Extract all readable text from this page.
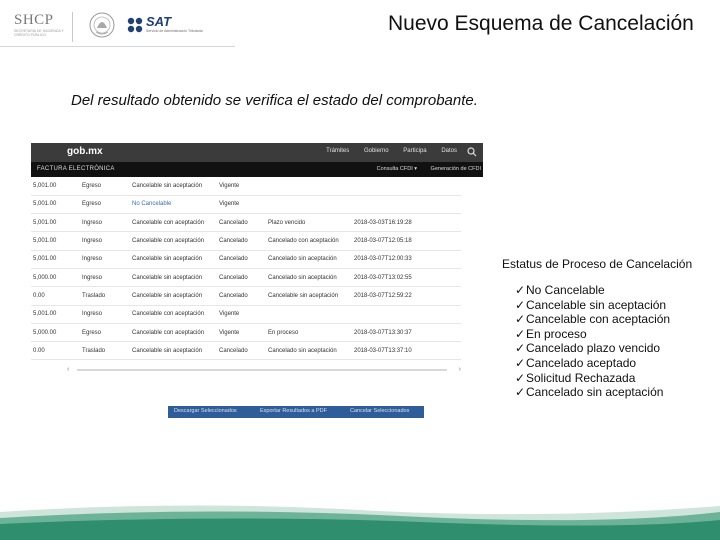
SHCP
SECRETARÍA DE HACIENDA Y
CRÉDITO PÚBLICO
SAT
Servicio de Administración Tributaria	Nuevo Esquema de Cancelación
Del resultado obtenido se verifica el estado del comprobante.
gob.mx	Trámites Gobierno Participa Datos
FACTURA ELECTRÓNICA	Consulta CFDI ▾ Generación de CFDI
5,001.00	Egreso	Cancelable sin aceptación	Vigente		
5,001.00	Egreso	No Cancelable	Vigente		
5,001.00	Ingreso	Cancelable con aceptación	Cancelado	Plazo vencido	2018-03-03T16:19:28
5,001.00	Ingreso	Cancelable con aceptación	Cancelado	Cancelado con aceptación	2018-03-07T12:05:18
5,001.00	Ingreso	Cancelable sin aceptación	Cancelado	Cancelado sin aceptación	2018-03-07T12:00:33
5,000.00	Ingreso	Cancelable sin aceptación	Cancelado	Cancelado sin aceptación	2018-03-07T13:02:55
0.00	Traslado	Cancelable sin aceptación	Cancelado	Cancelable sin aceptación	2018-03-07T12:59:22
5,001.00	Ingreso	Cancelable con aceptación	Vigente		
5,000.00	Egreso	Cancelable con aceptación	Vigente	En proceso	2018-03-07T13:30:37
0.00	Traslado	Cancelable sin aceptación	Cancelado	Cancelado sin aceptación	2018-03-07T13:37:10
‹	›
Descargar Seleccionados	Exportar Resultados a PDF	Cancelar Seleccionados
Estatus de Proceso de Cancelación
✓No Cancelable
✓Cancelable sin aceptación
✓Cancelable con aceptación
✓En proceso
✓Cancelado plazo vencido
✓Cancelado aceptado
✓Solicitud Rechazada
✓Cancelado sin aceptación
